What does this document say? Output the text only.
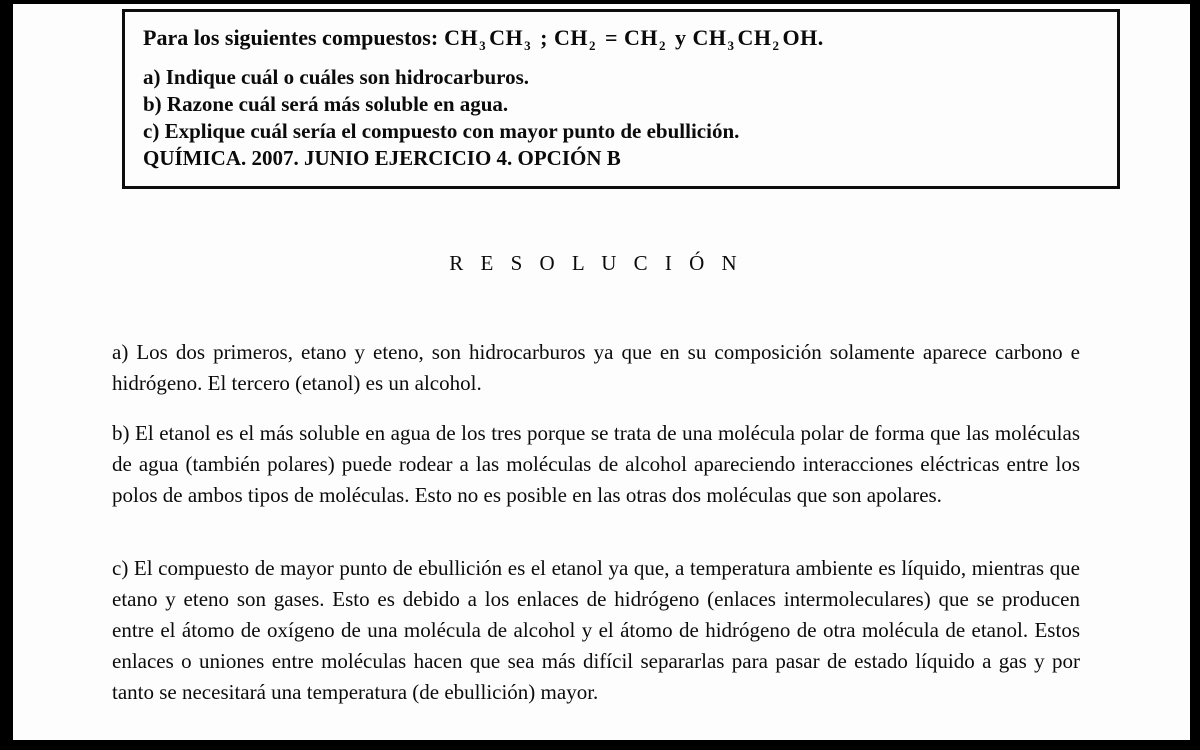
Para los siguientes compuestos: $CH_3$ $CH_3$ ; $CH_2 = CH_2$ y $CH_3$ $CH_2$ OH.

a) Indique cuál o cuáles son hidrocarburos.

b) Razone cuál será más soluble en agua.

c) Explique cuál sería el compuesto con mayor punto de ebullición.

QUÍMICA. 2007. JUNIO EJERCICIO 4. OPCIÓN B

R E S O L U C I Ó N

a) Los dos primeros, etano y eteno, son hidrocarburos ya que en su composición solamente aparece carbono e hidrógeno. El tercero (etanol) es un alcohol.

b) El etanol es el más soluble en agua de los tres porque se trata de una molécula polar de forma que las moléculas de agua (también polares) puede rodear a las moléculas de alcohol apareciendo interacciones eléctricas entre los polos de ambos tipos de moléculas. Esto no es posible en las otras dos moléculas que son apolares.

c) El compuesto de mayor punto de ebullición es el etanol ya que, a temperatura ambiente es líquido, mientras que etano y eteno son gases. Esto es debido a los enlaces de hidrógeno (enlaces intermoleculares) que se producen entre el átomo de oxígeno de una molécula de alcohol y el átomo de hidrógeno de otra molécula de etanol. Estos enlaces o uniones entre moléculas hacen que sea más difícil separarlas para pasar de estado líquido a gas y por tanto se necesitará una temperatura (de ebullición) mayor.
